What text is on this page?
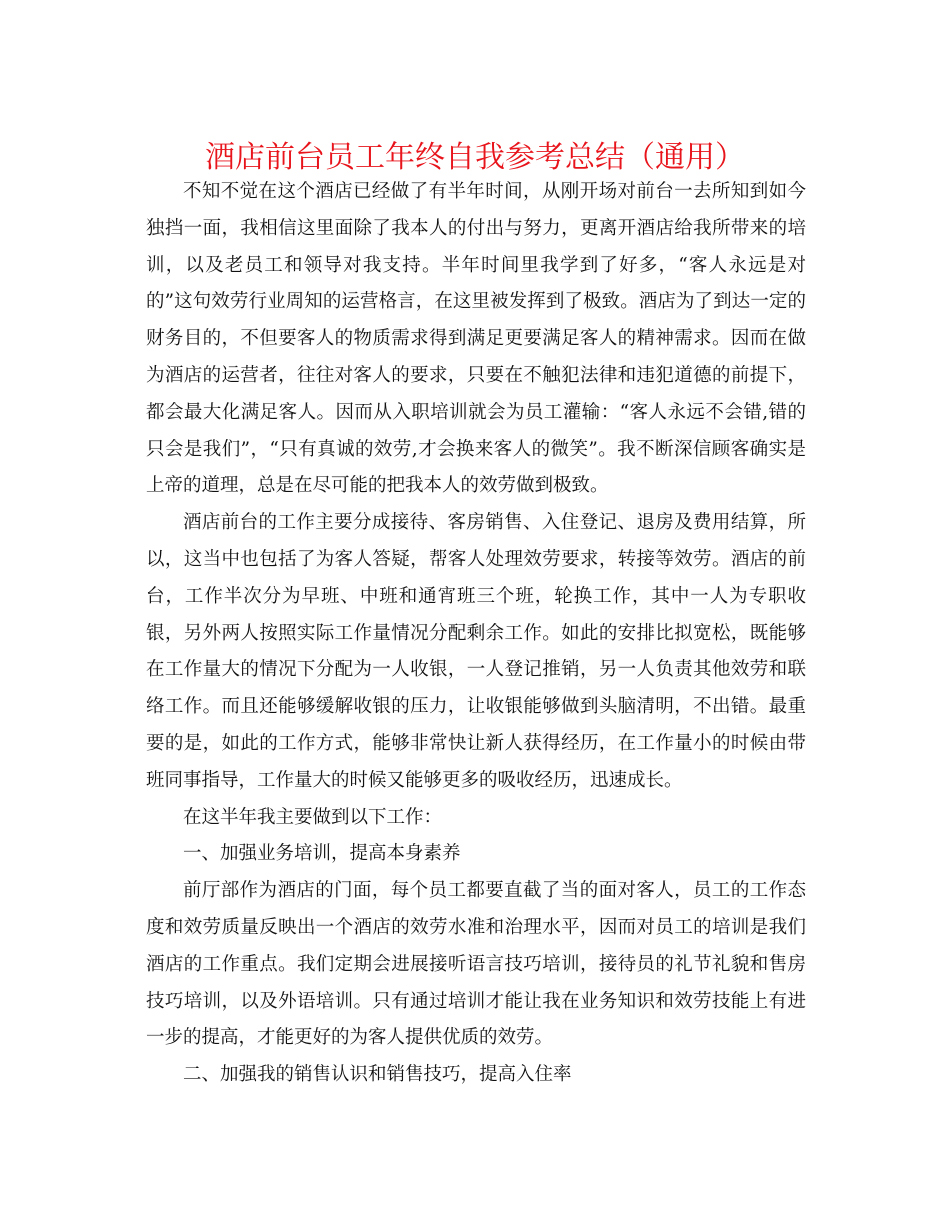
酒店前台员工年终自我参考总结（通用）

不知不觉在这个酒店已经做了有半年时间，从刚开场对前台一去所知到如今独挡一面，我相信这里面除了我本人的付出与努力，更离开酒店给我所带来的培训，以及老员工和领导对我支持。半年时间里我学到了好多，“客人永远是对的”这句效劳行业周知的运营格言，在这里被发挥到了极致。酒店为了到达一定的财务目的，不但要客人的物质需求得到满足更要满足客人的精神需求。因而在做为酒店的运营者，往往对客人的要求，只要在不触犯法律和违犯道德的前提下，都会最大化满足客人。因而从入职培训就会为员工灌输：“客人永远不会错,错的只会是我们”，“只有真诚的效劳,才会换来客人的微笑”。我不断深信顾客确实是上帝的道理，总是在尽可能的把我本人的效劳做到极致。

酒店前台的工作主要分成接待、客房销售、入住登记、退房及费用结算，所以，这当中也包括了为客人答疑，帮客人处理效劳要求，转接等效劳。酒店的前台，工作半次分为早班、中班和通宵班三个班，轮换工作，其中一人为专职收银，另外两人按照实际工作量情况分配剩余工作。如此的安排比拟宽松，既能够在工作量大的情况下分配为一人收银，一人登记推销，另一人负责其他效劳和联络工作。而且还能够缓解收银的压力，让收银能够做到头脑清明，不出错。最重要的是，如此的工作方式，能够非常快让新人获得经历，在工作量小的时候由带班同事指导，工作量大的时候又能够更多的吸收经历，迅速成长。

在这半年我主要做到以下工作：

一、加强业务培训，提高本身素养

前厅部作为酒店的门面，每个员工都要直截了当的面对客人，员工的工作态度和效劳质量反映出一个酒店的效劳水准和治理水平，因而对员工的培训是我们酒店的工作重点。我们定期会进展接听语言技巧培训，接待员的礼节礼貌和售房技巧培训，以及外语培训。只有通过培训才能让我在业务知识和效劳技能上有进一步的提高，才能更好的为客人提供优质的效劳。

二、加强我的销售认识和销售技巧，提高入住率
